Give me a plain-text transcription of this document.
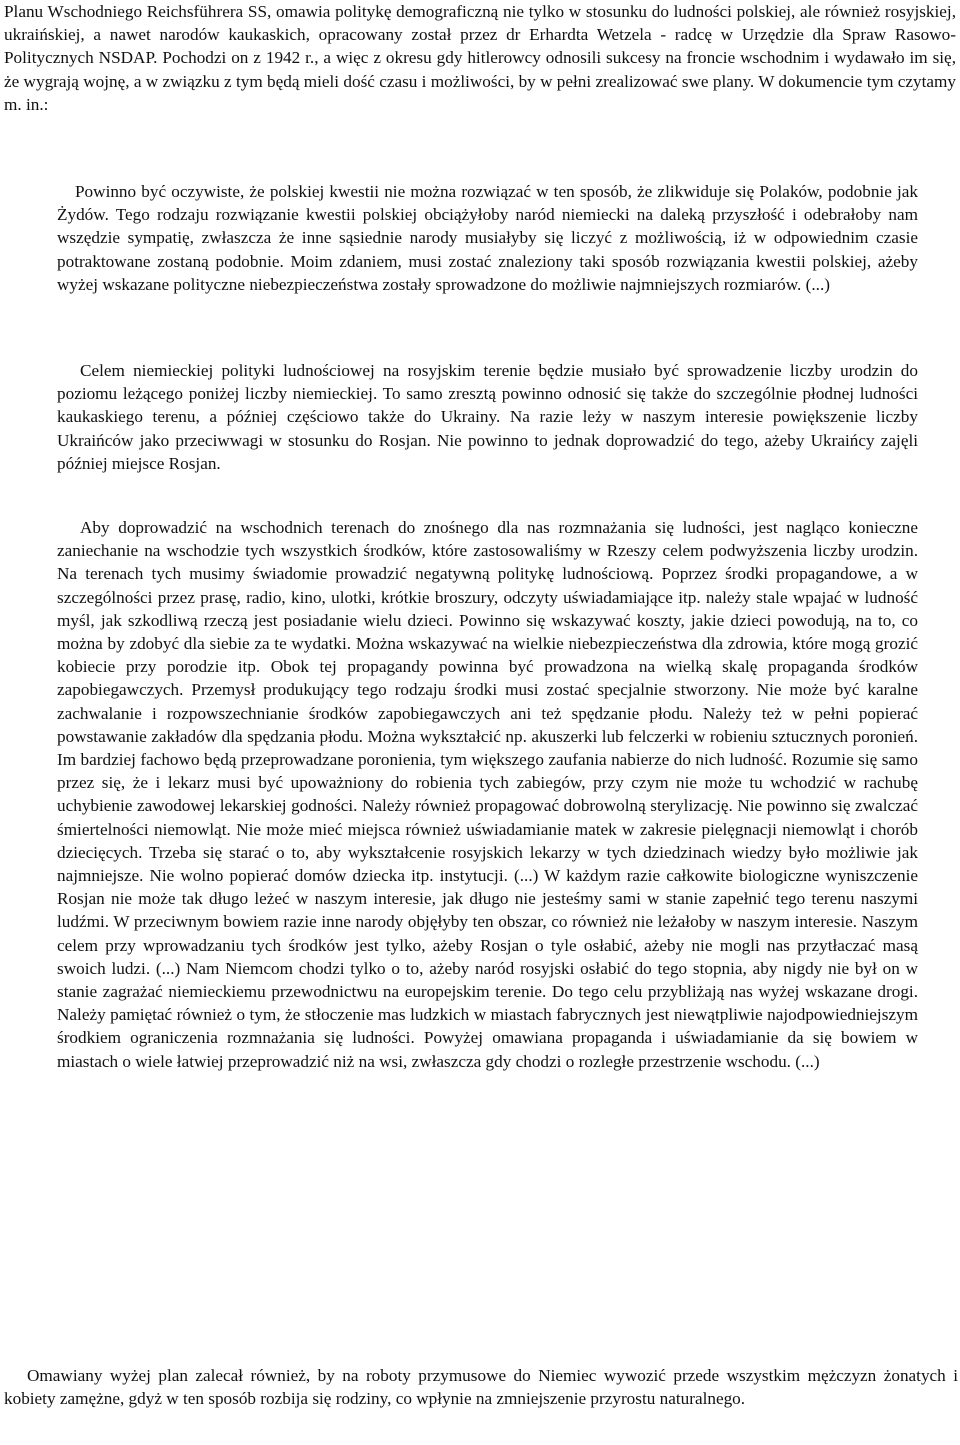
Planu Wschodniego Reichsführera SS, omawia politykę demograficzną nie tylko w stosunku do ludności polskiej, ale również rosyjskiej, ukraińskiej, a nawet narodów kaukaskich, opracowany został przez dr Erhardta Wetzela - radcę w Urzędzie dla Spraw Rasowo-Politycznych NSDAP. Pochodzi on z 1942 r., a więc z okresu gdy hitlerowcy odnosili sukcesy na froncie wschodnim i wydawało im się, że wygrają wojnę, a w związku z tym będą mieli dość czasu i możliwości, by w pełni zrealizować swe plany. W dokumencie tym czytamy m. in.:

Powinno być oczywiste, że polskiej kwestii nie można rozwiązać w ten sposób, że zlikwiduje się Polaków, podobnie jak Żydów. Tego rodzaju rozwiązanie kwestii polskiej obciążyłoby naród niemiecki na daleką przyszłość i odebrałoby nam wszędzie sympatię, zwłaszcza że inne sąsiednie narody musiałyby się liczyć z możliwością, iż w odpowiednim czasie potraktowane zostaną podobnie. Moim zdaniem, musi zostać znaleziony taki sposób rozwiązania kwestii polskiej, ażeby wyżej wskazane polityczne niebezpieczeństwa zostały sprowadzone do możliwie najmniejszych rozmiarów. (...)

Celem niemieckiej polityki ludnościowej na rosyjskim terenie będzie musiało być sprowadzenie liczby urodzin do poziomu leżącego poniżej liczby niemieckiej. To samo zresztą powinno odnosić się także do szczególnie płodnej ludności kaukaskiego terenu, a później częściowo także do Ukrainy. Na razie leży w naszym interesie powiększenie liczby Ukraińców jako przeciwwagi w stosunku do Rosjan. Nie powinno to jednak doprowadzić do tego, ażeby Ukraińcy zajęli później miejsce Rosjan.

Aby doprowadzić na wschodnich terenach do znośnego dla nas rozmnażania się ludności, jest nagląco konieczne zaniechanie na wschodzie tych wszystkich środków, które zastosowaliśmy w Rzeszy celem podwyższenia liczby urodzin. Na terenach tych musimy świadomie prowadzić negatywną politykę ludnościową. Poprzez środki propagandowe, a w szczególności przez prasę, radio, kino, ulotki, krótkie broszury, odczyty uświadamiające itp. należy stale wpajać w ludność myśl, jak szkodliwą rzeczą jest posiadanie wielu dzieci. Powinno się wskazywać koszty, jakie dzieci powodują, na to, co można by zdobyć dla siebie za te wydatki. Można wskazywać na wielkie niebezpieczeństwa dla zdrowia, które mogą grozić kobiecie przy porodzie itp. Obok tej propagandy powinna być prowadzona na wielką skalę propaganda środków zapobiegawczych. Przemysł produkujący tego rodzaju środki musi zostać specjalnie stworzony. Nie może być karalne zachwalanie i rozpowszechnianie środków zapobiegawczych ani też spędzanie płodu. Należy też w pełni popierać powstawanie zakładów dla spędzania płodu. Można wykształcić np. akuszerki lub felczerki w robieniu sztucznych poronień. Im bardziej fachowo będą przeprowadzane poronienia, tym większego zaufania nabierze do nich ludność. Rozumie się samo przez się, że i lekarz musi być upoważniony do robienia tych zabiegów, przy czym nie może tu wchodzić w rachubę uchybienie zawodowej lekarskiej godności. Należy również propagować dobrowolną sterylizację. Nie powinno się zwalczać śmiertelności niemowląt. Nie może mieć miejsca również uświadamianie matek w zakresie pielęgnacji niemowląt i chorób dziecięcych. Trzeba się starać o to, aby wykształcenie rosyjskich lekarzy w tych dziedzinach wiedzy było możliwie jak najmniejsze. Nie wolno popierać domów dziecka itp. instytucji. (...) W każdym razie całkowite biologiczne wyniszczenie Rosjan nie może tak długo leżeć w naszym interesie, jak długo nie jesteśmy sami w stanie zapełnić tego terenu naszymi ludźmi. W przeciwnym bowiem razie inne narody objęłyby ten obszar, co również nie leżałoby w naszym interesie. Naszym celem przy wprowadzaniu tych środków jest tylko, ażeby Rosjan o tyle osłabić, ażeby nie mogli nas przytłaczać masą swoich ludzi. (...) Nam Niemcom chodzi tylko o to, ażeby naród rosyjski osłabić do tego stopnia, aby nigdy nie był on w stanie zagrażać niemieckiemu przewodnictwu na europejskim terenie. Do tego celu przybliżają nas wyżej wskazane drogi. Należy pamiętać również o tym, że stłoczenie mas ludzkich w miastach fabrycznych jest niewątpliwie najodpowiedniejszym środkiem ograniczenia rozmnażania się ludności. Powyżej omawiana propaganda i uświadamianie da się bowiem w miastach o wiele łatwiej przeprowadzić niż na wsi, zwłaszcza gdy chodzi o rozległe przestrzenie wschodu. (...)

Omawiany wyżej plan zalecał również, by na roboty przymusowe do Niemiec wywozić przede wszystkim mężczyzn żonatych i kobiety zamężne, gdyż w ten sposób rozbija się rodziny, co wpłynie na zmniejszenie przyrostu naturalnego.
